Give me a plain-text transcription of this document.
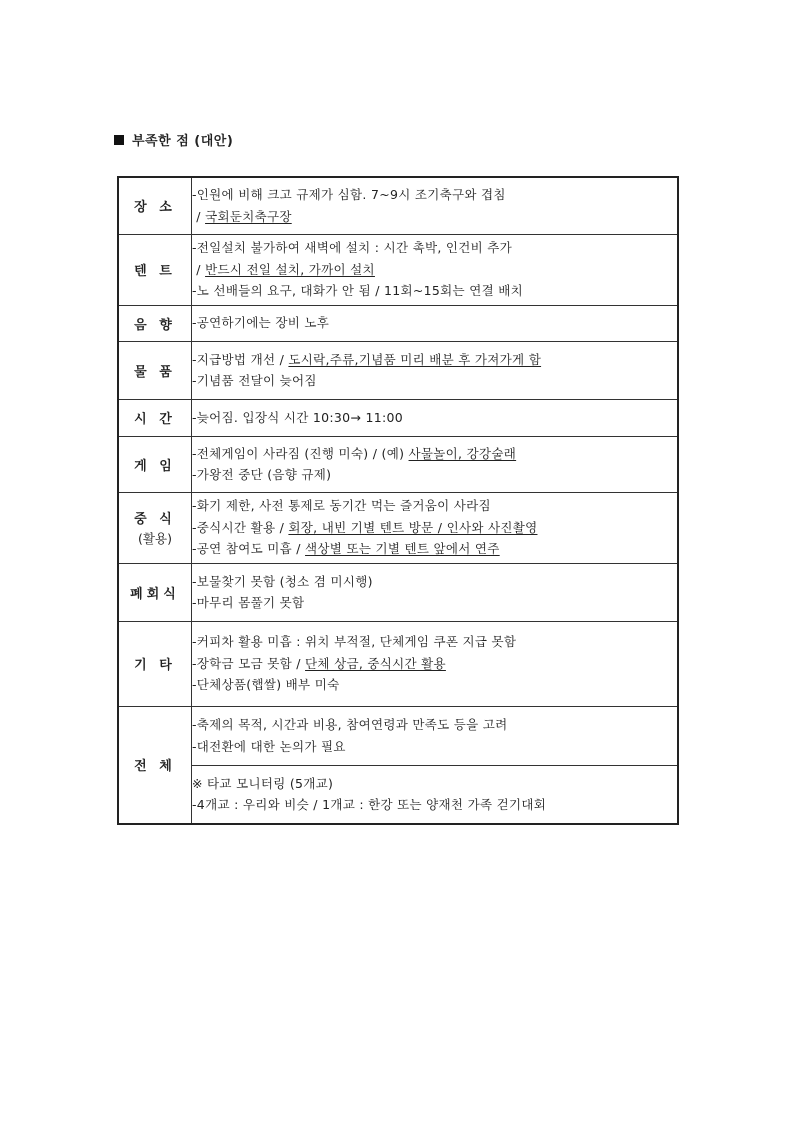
부족한 점 (대안)
장 소	-인원에 비해 크고 규제가 심함. 7~9시 조기축구와 겹침
/ 국회둔치축구장

텐 트	-전일설치 불가하여 새벽에 설치 : 시간 촉박, 인건비 추가
/ 반드시 전일 설치, 가까이 설치
-노 선배들의 요구, 대화가 안 됨 / 11회~15회는 연결 배치

음 향	-공연하기에는 장비 노후

물 품	-지급방법 개선 / 도시락,주류,기념품 미리 배분 후 가져가게 함
-기념품 전달이 늦어짐

시 간	-늦어짐. 입장식 시간 10:30→ 11:00

게 임	-전체게임이 사라짐 (진행 미숙) / (예) 사물놀이, 강강술래
-가왕전 중단 (음향 규제)

중 식
(활용)	-화기 제한, 사전 통제로 동기간 먹는 즐거움이 사라짐
-중식시간 활용 / 회장, 내빈 기별 텐트 방문 / 인사와 사진촬영
-공연 참여도 미흡 / 색상별 또는 기별 텐트 앞에서 연주

폐회식	-보물찾기 못함 (청소 겸 미시행)
-마무리 몸풀기 못함

기 타	-커피차 활용 미흡 : 위치 부적절, 단체게임 쿠폰 지급 못함
-장학금 모금 못함 / 단체 상금, 중식시간 활용
-단체상품(햅쌀) 배부 미숙

전 체	-축제의 목적, 시간과 비용, 참여연령과 만족도 등을 고려
-대전환에 대한 논의가 필요

	※ 타교 모니터링 (5개교)
-4개교 : 우리와 비슷 / 1개교 : 한강 또는 양재천 가족 걷기대회
